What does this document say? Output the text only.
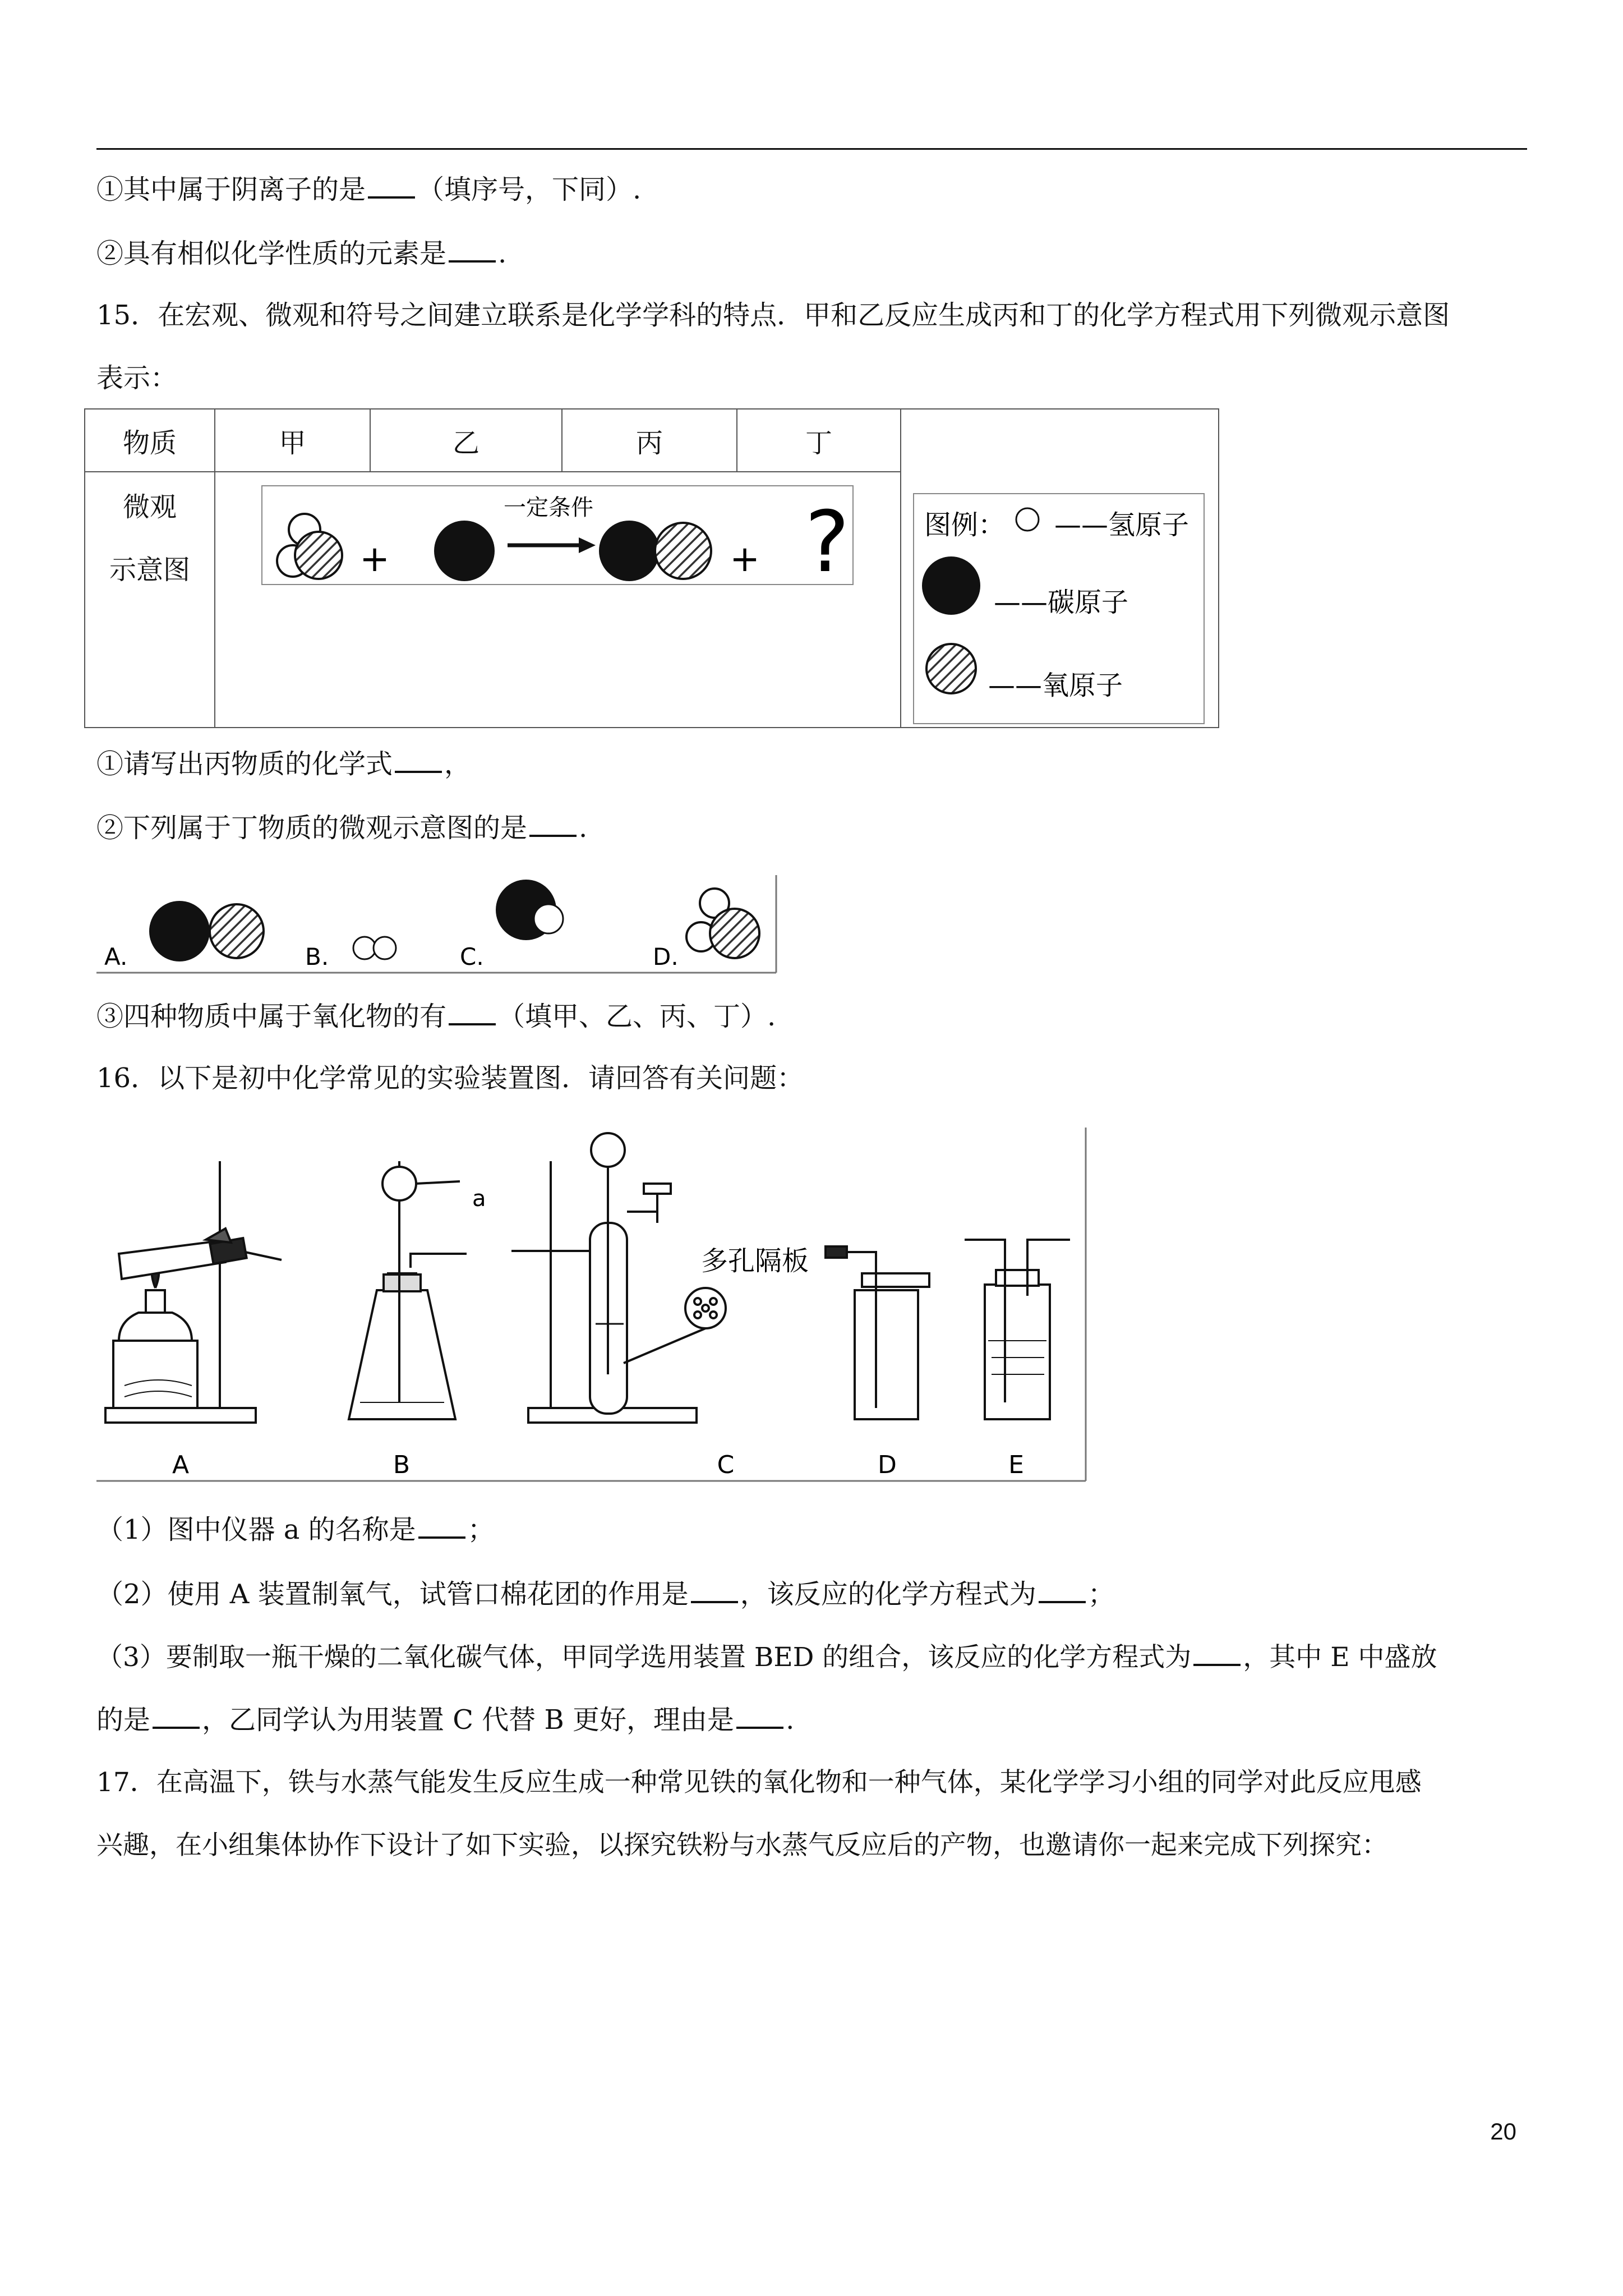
①其中属于阴离子的是 （填序号，下同）.
②具有相似化学性质的元素是 .
15．在宏观、微观和符号之间建立联系是化学学科的特点．甲和乙反应生成丙和丁的化学方程式用下列微观示意图
表示：
物质	甲	乙	丙	丁	

微观
示意图					
		+
一定条件
+ ?	图例： ——氢原子
——碳原子
——氧原子
①请写出丙物质的化学式 ，
②下列属于丁物质的微观示意图的是 .
A.	B.	C.	D.
③四种物质中属于氧化物的有 （填甲、乙、丙、丁）.
16．以下是初中化学常见的实验装置图．请回答有关问题：
A
a
B
多孔隔板
C	D	E
（1）图中仪器 a 的名称是 ；
（2）使用 A 装置制氧气，试管口棉花团的作用是 ，该反应的化学方程式为 ；
（3）要制取一瓶干燥的二氧化碳气体，甲同学选用装置 BED 的组合，该反应的化学方程式为 ，其中 E 中盛放
的是 ，乙同学认为用装置 C 代替 B 更好，理由是 .
17．在高温下，铁与水蒸气能发生反应生成一种常见铁的氧化物和一种气体，某化学学习小组的同学对此反应甩感
兴趣，在小组集体协作下设计了如下实验，以探究铁粉与水蒸气反应后的产物，也邀请你一起来完成下列探究：
20
